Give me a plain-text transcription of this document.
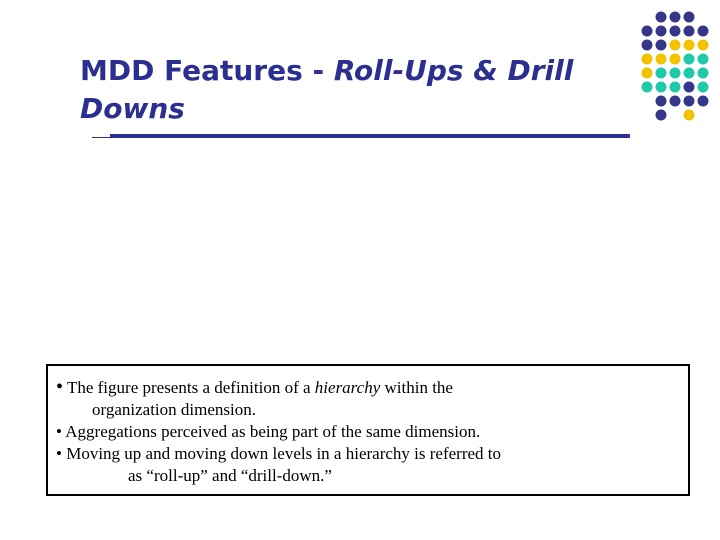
MDD Features - Roll-Ups & Drill
Downs
• The figure presents a definition of a hierarchy within the
organization dimension.
• Aggregations perceived as being part of the same dimension.
• Moving up and moving down levels in a hierarchy is referred to
as “roll-up” and “drill-down.”
